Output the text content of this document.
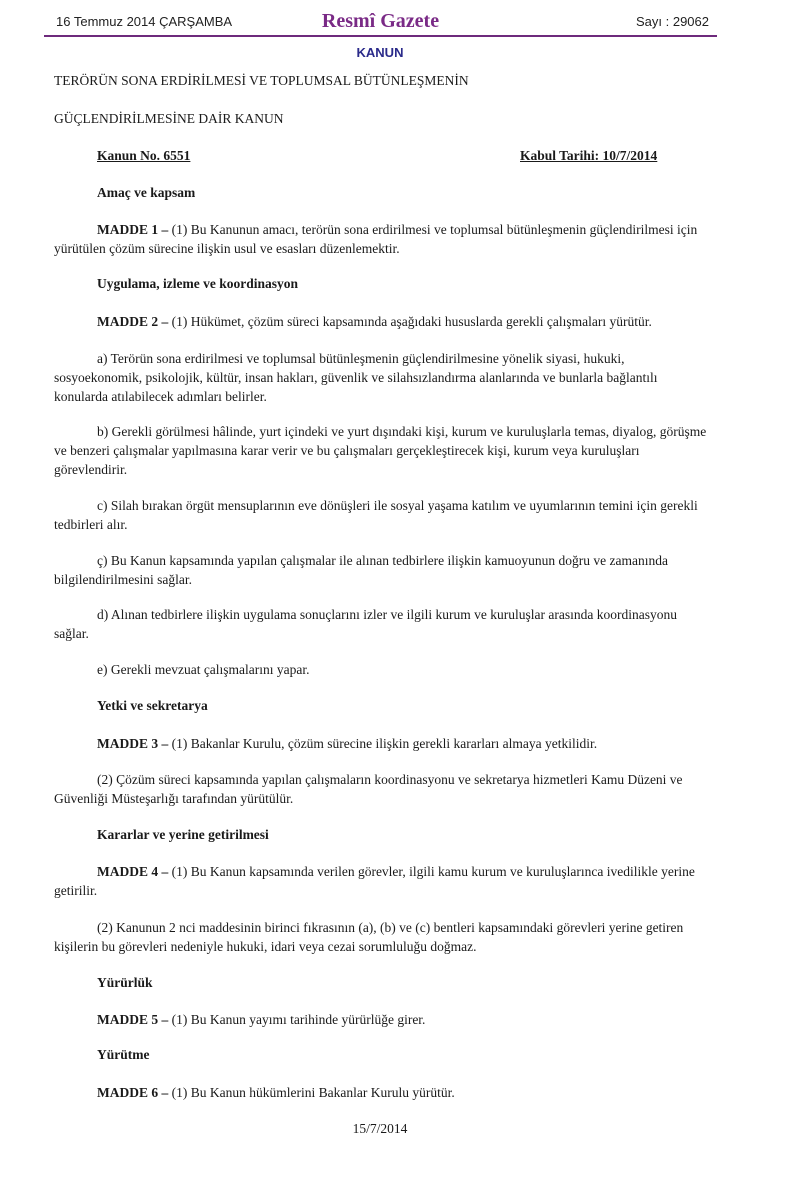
16 Temmuz 2014 ÇARŞAMBA	Resmî Gazete	Sayı : 29062
KANUN
TERÖRÜN SONA ERDİRİLMESİ VE TOPLUMSAL BÜTÜNLEŞMENİN
GÜÇLENDİRİLMESİNE DAİR KANUN
Kanun No. 6551	Kabul Tarihi: 10/7/2014
Amaç ve kapsam
MADDE 1 – (1) Bu Kanunun amacı, terörün sona erdirilmesi ve toplumsal bütünleşmenin güçlendirilmesi için yürütülen çözüm sürecine ilişkin usul ve esasları düzenlemektir.
Uygulama, izleme ve koordinasyon
MADDE 2 – (1) Hükümet, çözüm süreci kapsamında aşağıdaki hususlarda gerekli çalışmaları yürütür.
a) Terörün sona erdirilmesi ve toplumsal bütünleşmenin güçlendirilmesine yönelik siyasi, hukuki, sosyoekonomik, psikolojik, kültür, insan hakları, güvenlik ve silahsızlandırma alanlarında ve bunlarla bağlantılı konularda atılabilecek adımları belirler.
b) Gerekli görülmesi hâlinde, yurt içindeki ve yurt dışındaki kişi, kurum ve kuruluşlarla temas, diyalog, görüşme ve benzeri çalışmalar yapılmasına karar verir ve bu çalışmaları gerçekleştirecek kişi, kurum veya kuruluşları görevlendirir.
c) Silah bırakan örgüt mensuplarının eve dönüşleri ile sosyal yaşama katılım ve uyumlarının temini için gerekli tedbirleri alır.
ç) Bu Kanun kapsamında yapılan çalışmalar ile alınan tedbirlere ilişkin kamuoyunun doğru ve zamanında bilgilendirilmesini sağlar.
d) Alınan tedbirlere ilişkin uygulama sonuçlarını izler ve ilgili kurum ve kuruluşlar arasında koordinasyonu sağlar.
e) Gerekli mevzuat çalışmalarını yapar.
Yetki ve sekretarya
MADDE 3 – (1) Bakanlar Kurulu, çözüm sürecine ilişkin gerekli kararları almaya yetkilidir.
(2) Çözüm süreci kapsamında yapılan çalışmaların koordinasyonu ve sekretarya hizmetleri Kamu Düzeni ve Güvenliği Müsteşarlığı tarafından yürütülür.
Kararlar ve yerine getirilmesi
MADDE 4 – (1) Bu Kanun kapsamında verilen görevler, ilgili kamu kurum ve kuruluşlarınca ivedilikle yerine getirilir.
(2) Kanunun 2 nci maddesinin birinci fıkrasının (a), (b) ve (c) bentleri kapsamındaki görevleri yerine getiren kişilerin bu görevleri nedeniyle hukuki, idari veya cezai sorumluluğu doğmaz.
Yürürlük
MADDE 5 – (1) Bu Kanun yayımı tarihinde yürürlüğe girer.
Yürütme
MADDE 6 – (1) Bu Kanun hükümlerini Bakanlar Kurulu yürütür.
15/7/2014
